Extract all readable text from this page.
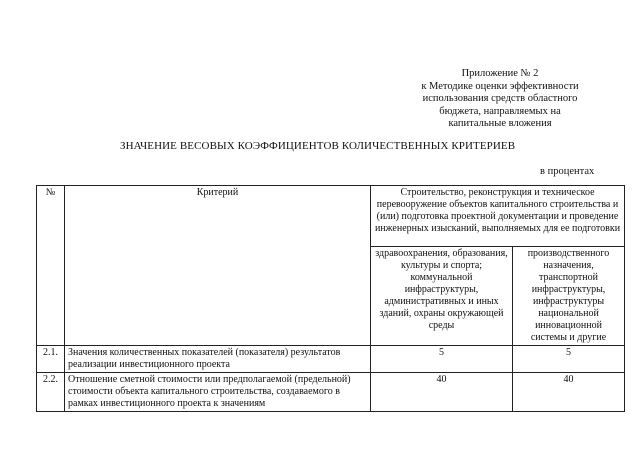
Приложение № 2
к Методике оценки эффективности
использования средств областного
бюджета, направляемых на
капитальные вложения
ЗНАЧЕНИЕ ВЕСОВЫХ КОЭФФИЦИЕНТОВ КОЛИЧЕСТВЕННЫХ КРИТЕРИЕВ
в процентах
№	Критерий	Строительство, реконструкция и техническое перевооружение объектов капитального строительства и (или) подготовка проектной документации и проведение инженерных изысканий, выполняемых для ее подготовки	
		здравоохранения, образования, культуры и спорта; коммунальной инфраструктуры, административных и иных зданий, охраны окружающей среды	производственного назначения, транспортной инфраструктуры, инфраструктуры национальной инновационной системы и другие
2.1.	Значения количественных показателей (показателя) результатов реализации инвестиционного проекта	5	5
2.2.	Отношение сметной стоимости или предполагаемой (предельной) стоимости объекта капитального строительства, создаваемого в рамках инвестиционного проекта к значениям	40	40
